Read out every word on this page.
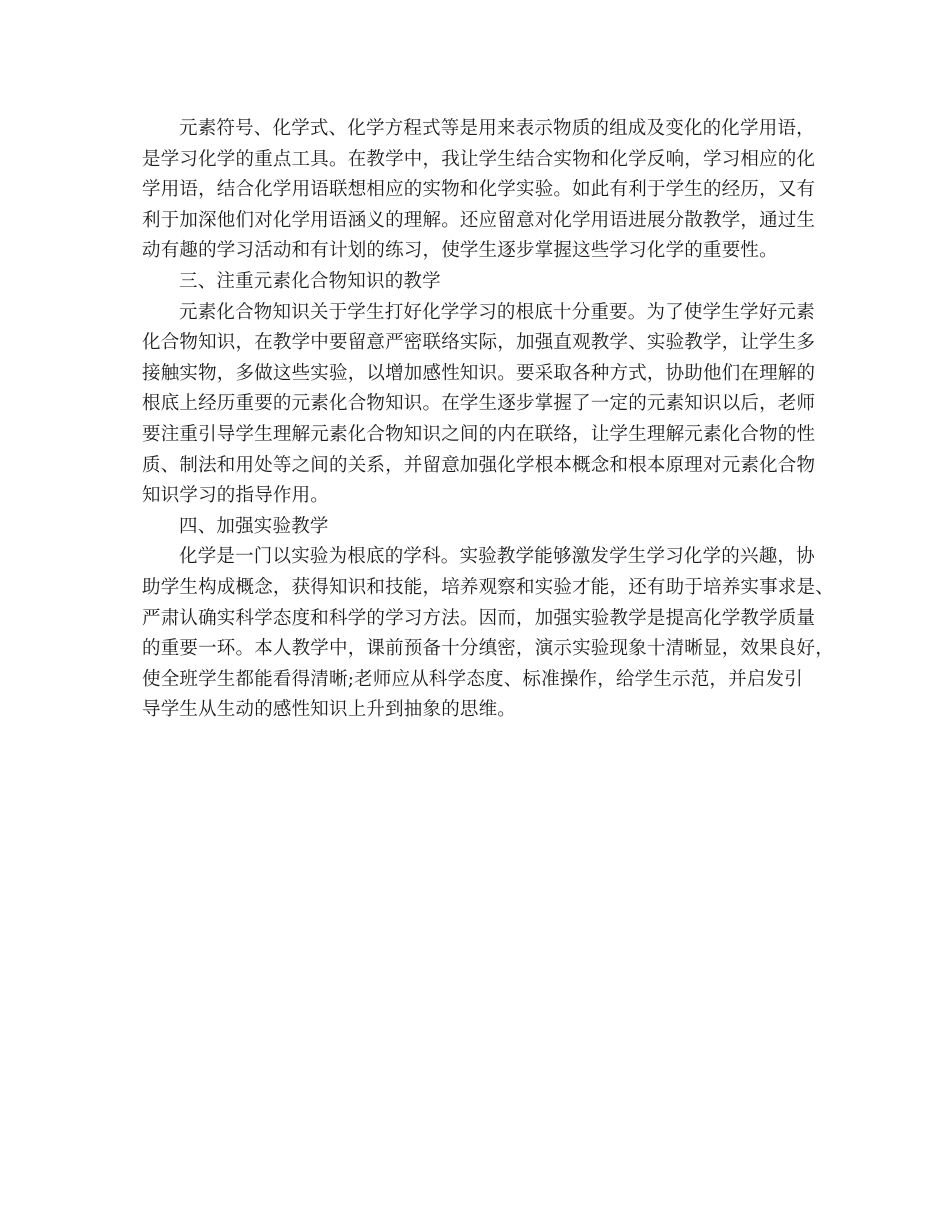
元素符号、化学式、化学方程式等是用来表示物质的组成及变化的化学用语，
是学习化学的重点工具。在教学中，我让学生结合实物和化学反响，学习相应的化
学用语，结合化学用语联想相应的实物和化学实验。如此有利于学生的经历，又有
利于加深他们对化学用语涵义的理解。还应留意对化学用语进展分散教学，通过生
动有趣的学习活动和有计划的练习，使学生逐步掌握这些学习化学的重要性。

三、注重元素化合物知识的教学

元素化合物知识关于学生打好化学学习的根底十分重要。为了使学生学好元素
化合物知识，在教学中要留意严密联络实际，加强直观教学、实验教学，让学生多
接触实物，多做这些实验，以增加感性知识。要采取各种方式，协助他们在理解的
根底上经历重要的元素化合物知识。在学生逐步掌握了一定的元素知识以后，老师
要注重引导学生理解元素化合物知识之间的内在联络，让学生理解元素化合物的性
质、制法和用处等之间的关系，并留意加强化学根本概念和根本原理对元素化合物
知识学习的指导作用。

四、加强实验教学

化学是一门以实验为根底的学科。实验教学能够激发学生学习化学的兴趣，协
助学生构成概念，获得知识和技能，培养观察和实验才能，还有助于培养实事求是、
严肃认确实科学态度和科学的学习方法。因而，加强实验教学是提高化学教学质量
的重要一环。本人教学中，课前预备十分缜密，演示实验现象十清晰显，效果良好，
使全班学生都能看得清晰;老师应从科学态度、标准操作，给学生示范，并启发引
导学生从生动的感性知识上升到抽象的思维。
